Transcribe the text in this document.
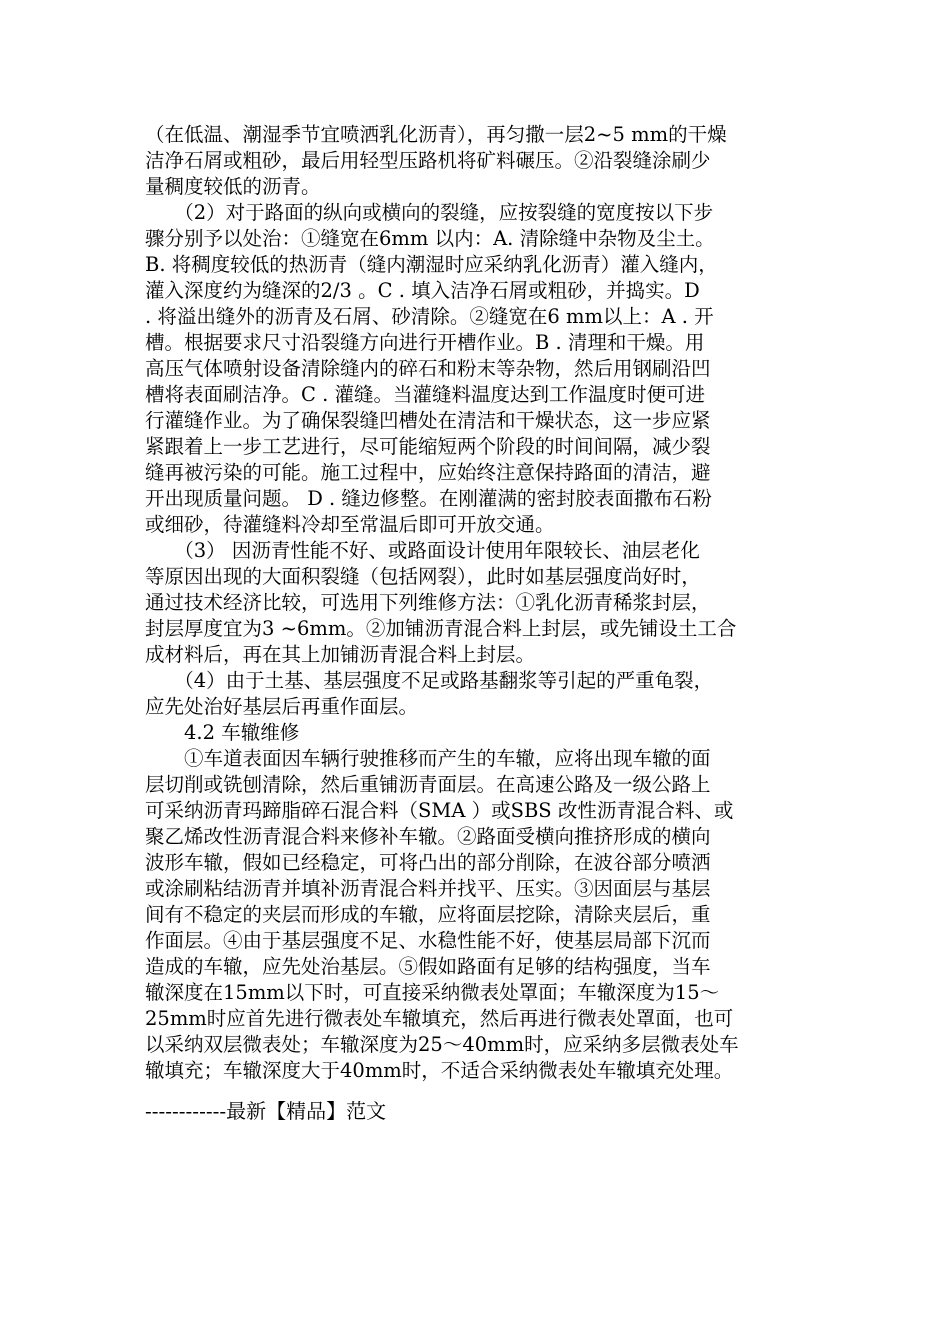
（在低温、潮湿季节宜喷洒乳化沥青），再匀撒一层2~5 mm的干燥
洁净石屑或粗砂，最后用轻型压路机将矿料碾压。②沿裂缝涂刷少
量稠度较低的沥青。
　　（2）对于路面的纵向或横向的裂缝，应按裂缝的宽度按以下步
骤分别予以处治：①缝宽在6mm 以内：A. 清除缝中杂物及尘土。
B. 将稠度较低的热沥青（缝内潮湿时应采纳乳化沥青）灌入缝内，
灌入深度约为缝深的2/3 。C . 填入洁净石屑或粗砂，并捣实。D
. 将溢出缝外的沥青及石屑、砂清除。②缝宽在6 mm以上：A . 开
槽。根据要求尺寸沿裂缝方向进行开槽作业。B . 清理和干燥。用
高压气体喷射设备清除缝内的碎石和粉末等杂物，然后用钢刷沿凹
槽将表面刷洁净。C . 灌缝。当灌缝料温度达到工作温度时便可进
行灌缝作业。为了确保裂缝凹槽处在清洁和干燥状态，这一步应紧
紧跟着上一步工艺进行，尽可能缩短两个阶段的时间间隔，减少裂
缝再被污染的可能。施工过程中，应始终注意保持路面的清洁，避
开出现质量问题。 D . 缝边修整。在刚灌满的密封胶表面撒布石粉
或细砂，待灌缝料冷却至常温后即可开放交通。
　　（3） 因沥青性能不好、或路面设计使用年限较长、油层老化
等原因出现的大面积裂缝（包括网裂），此时如基层强度尚好时，
通过技术经济比较，可选用下列维修方法：①乳化沥青稀浆封层，
封层厚度宜为3 ~6mm。②加铺沥青混合料上封层，或先铺设土工合
成材料后，再在其上加铺沥青混合料上封层。
　　（4）由于土基、基层强度不足或路基翻浆等引起的严重龟裂，
应先处治好基层后再重作面层。
　　4.2 车辙维修
　　①车道表面因车辆行驶推移而产生的车辙，应将出现车辙的面
层切削或铣刨清除，然后重铺沥青面层。在高速公路及一级公路上
可采纳沥青玛蹄脂碎石混合料（SMA ）或SBS 改性沥青混合料、或
聚乙烯改性沥青混合料来修补车辙。②路面受横向推挤形成的横向
波形车辙，假如已经稳定，可将凸出的部分削除，在波谷部分喷洒
或涂刷粘结沥青并填补沥青混合料并找平、压实。③因面层与基层
间有不稳定的夹层而形成的车辙，应将面层挖除，清除夹层后，重
作面层。④由于基层强度不足、水稳性能不好，使基层局部下沉而
造成的车辙，应先处治基层。⑤假如路面有足够的结构强度，当车
辙深度在15mm以下时，可直接采纳微表处罩面；车辙深度为15～
25mm时应首先进行微表处车辙填充，然后再进行微表处罩面，也可
以采纳双层微表处；车辙深度为25～40mm时，应采纳多层微表处车
辙填充；车辙深度大于40mm时，不适合采纳微表处车辙填充处理。
------------最新【精品】范文
